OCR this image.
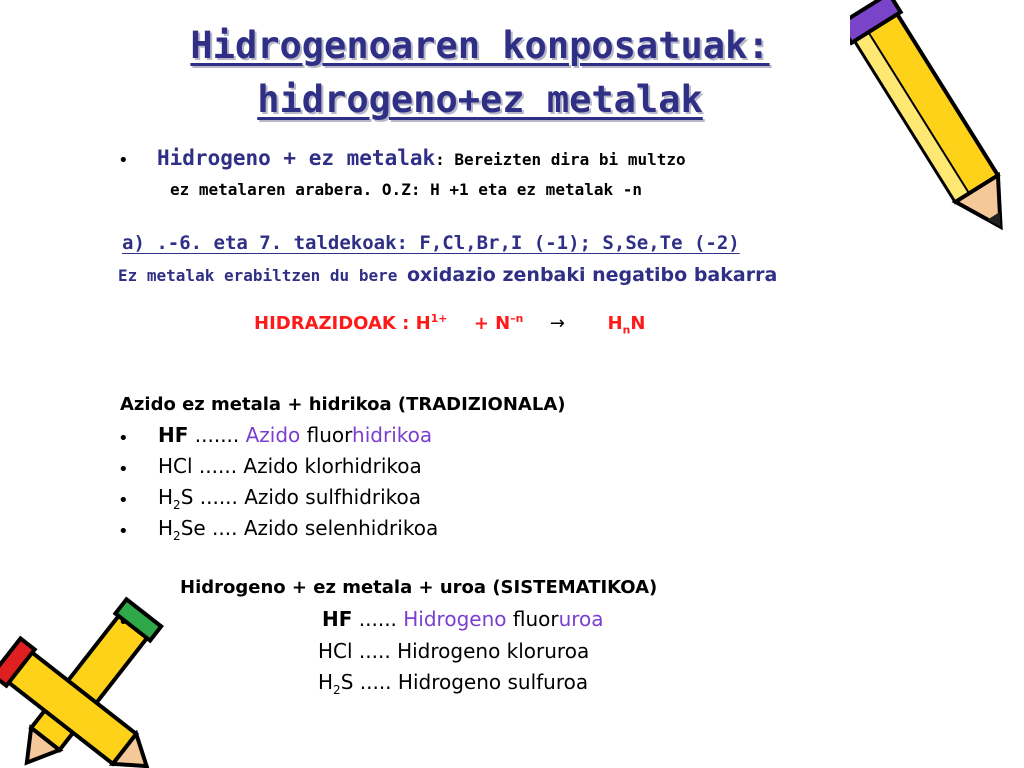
Hidrogenoaren konposatuak:
hidrogeno+ez metalak
• Hidrogeno + ez metalak: Bereizten dira bi multzo
ez metalaren arabera. O.Z: H +1 eta ez metalak -n
a) .-6. eta 7. taldekoak: F,Cl,Br,I (-1); S,Se,Te (-2)
Ez metalak erabiltzen du bere oxidazio zenbaki negatibo bakarra
HIDRAZIDOAK : $H^{1+} + N^{-n} \to H_nN$
Azido ez metala + hidrikoa (TRADIZIONALA)
• HF ....... Azido fluorhidrikoa
• HCl ...... Azido klorhidrikoa
• $H_2S$ ...... Azido sulfhidrikoa
• $H_2Se$ .... Azido selenhidrikoa
Hidrogeno + ez metala + uroa (SISTEMATIKOA)
•	HF ...... Hidrogeno fluoruroa
HCl ..... Hidrogeno kloruroa
$H_2S$ ..... Hidrogeno sulfuroa
